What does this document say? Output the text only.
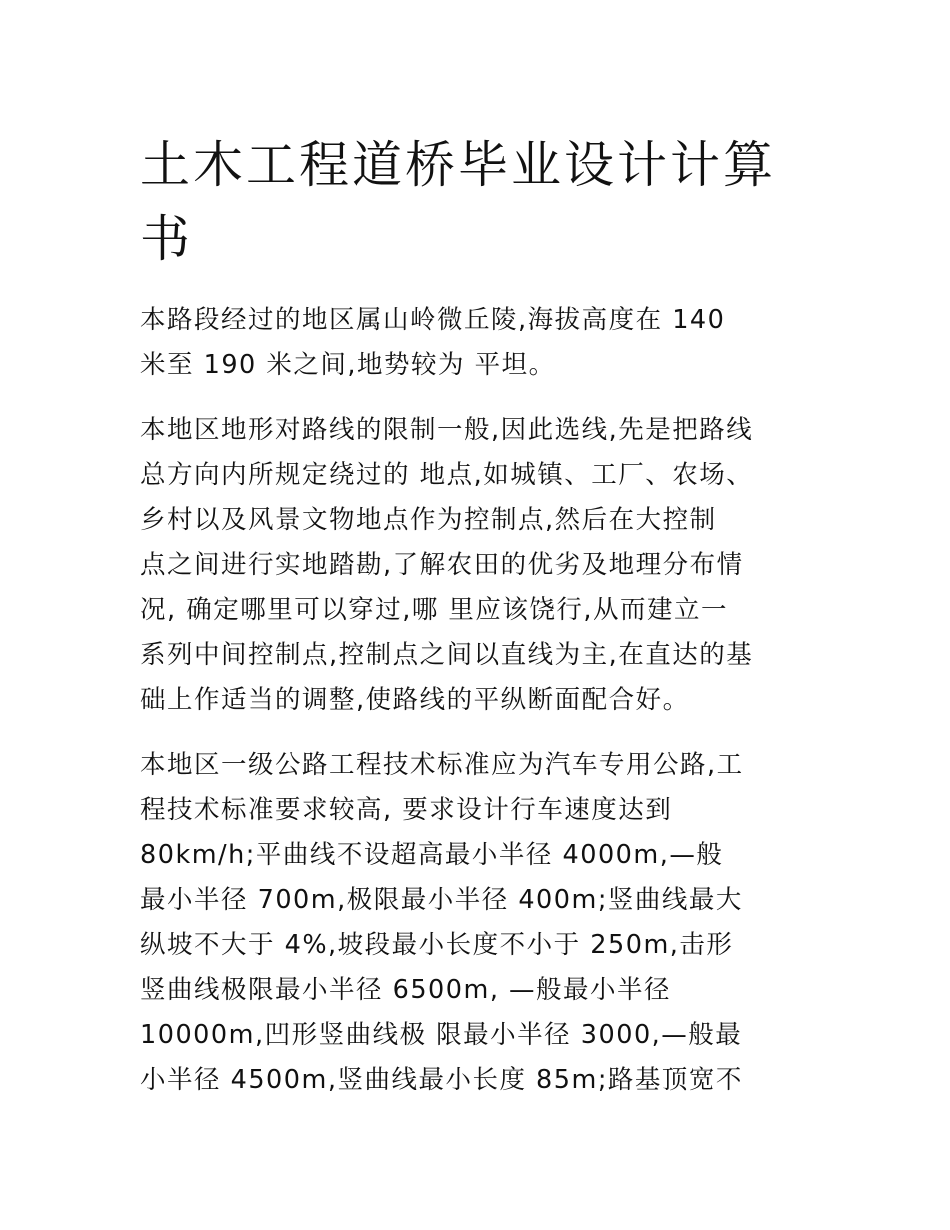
土木工程道桥毕业设计计算
书

本路段经过的地区属山岭微丘陵,海拔高度在 140
米至 190 米之间,地势较为 平坦。

本地区地形对路线的限制一般,因此选线,先是把路线
总方向内所规定绕过的 地点,如城镇、工厂、农场、
乡村以及风景文物地点作为控制点,然后在大控制
点之间进行实地踏勘,了解农田的优劣及地理分布情
况, 确定哪里可以穿过,哪 里应该饶行,从而建立一
系列中间控制点,控制点之间以直线为主,在直达的基
础上作适当的调整,使路线的平纵断面配合好。

本地区一级公路工程技术标准应为汽车专用公路,工
程技术标准要求较高, 要求设计行车速度达到
80km/h;平曲线不设超高最小半径 4000m,—般
最小半径 700m,极限最小半径 400m;竖曲线最大
纵坡不大于 4%,坡段最小长度不小于 250m,击形
竖曲线极限最小半径 6500m, —般最小半径
10000m,凹形竖曲线极 限最小半径 3000,—般最
小半径 4500m,竖曲线最小长度 85m;路基顶宽不
